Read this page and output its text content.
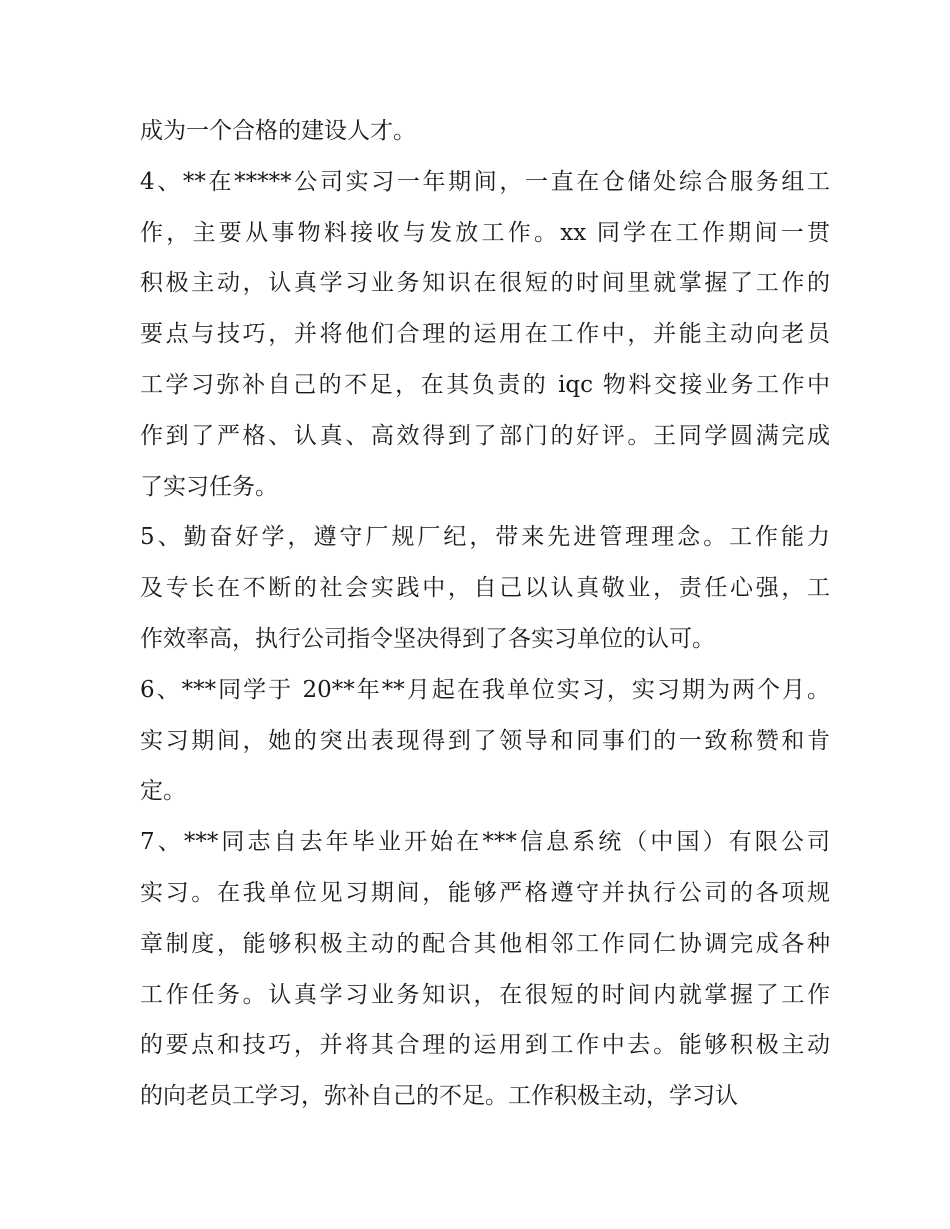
成为一个合格的建设人才。
4、**在*****公司实习一年期间，一直在仓储处综合服务组工
作，主要从事物料接收与发放工作。xx 同学在工作期间一贯
积极主动，认真学习业务知识在很短的时间里就掌握了工作的
要点与技巧，并将他们合理的运用在工作中，并能主动向老员
工学习弥补自己的不足，在其负责的 iqc 物料交接业务工作中
作到了严格、认真、高效得到了部门的好评。王同学圆满完成
了实习任务。
5、勤奋好学，遵守厂规厂纪，带来先进管理理念。工作能力
及专长在不断的社会实践中，自己以认真敬业，责任心强，工
作效率高，执行公司指令坚决得到了各实习单位的认可。
6、***同学于 20**年**月起在我单位实习，实习期为两个月。
实习期间，她的突出表现得到了领导和同事们的一致称赞和肯
定。
7、***同志自去年毕业开始在***信息系统（中国）有限公司
实习。在我单位见习期间，能够严格遵守并执行公司的各项规
章制度，能够积极主动的配合其他相邻工作同仁协调完成各种
工作任务。认真学习业务知识，在很短的时间内就掌握了工作
的要点和技巧，并将其合理的运用到工作中去。能够积极主动
的向老员工学习，弥补自己的不足。工作积极主动，学习认
